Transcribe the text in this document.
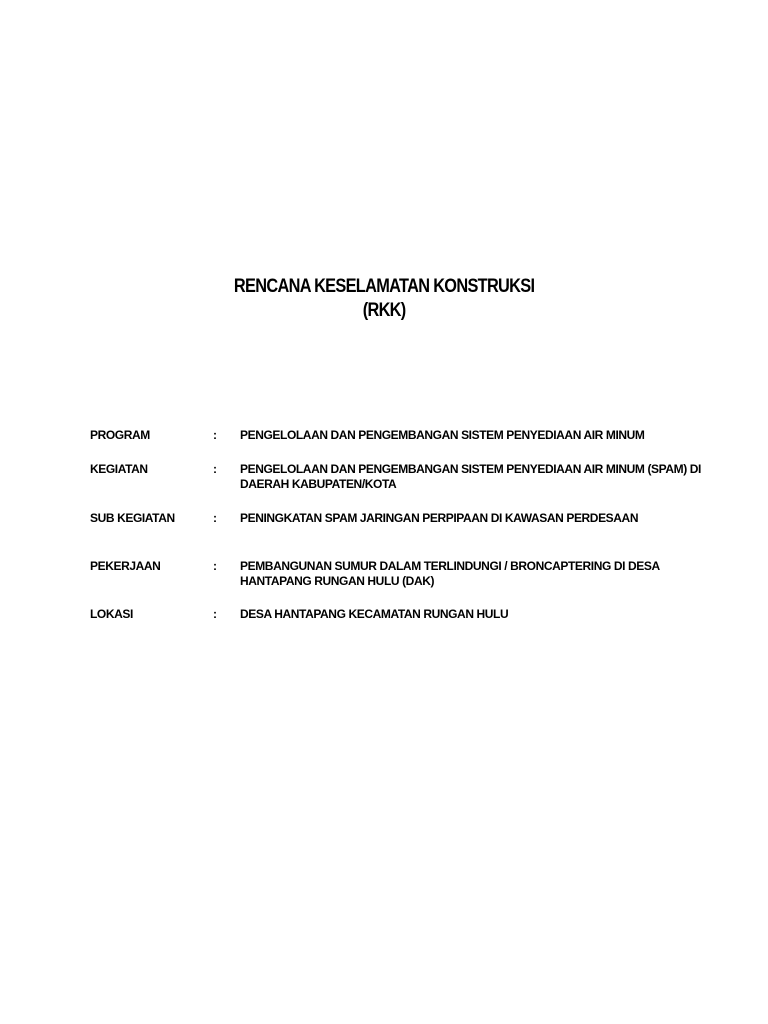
RENCANA KESELAMATAN KONSTRUKSI
(RKK)
PROGRAM	: PENGELOLAAN DAN PENGEMBANGAN SISTEM PENYEDIAAN AIR MINUM
KEGIATAN	: PENGELOLAAN DAN PENGEMBANGAN SISTEM PENYEDIAAN AIR MINUM (SPAM) DI DAERAH KABUPATEN/KOTA
SUB KEGIATAN	: PENINGKATAN SPAM JARINGAN PERPIPAAN DI KAWASAN PERDESAAN
PEKERJAAN	: PEMBANGUNAN SUMUR DALAM TERLINDUNGI / BRONCAPTERING DI DESA HANTAPANG RUNGAN HULU (DAK)
LOKASI	: DESA HANTAPANG KECAMATAN RUNGAN HULU
